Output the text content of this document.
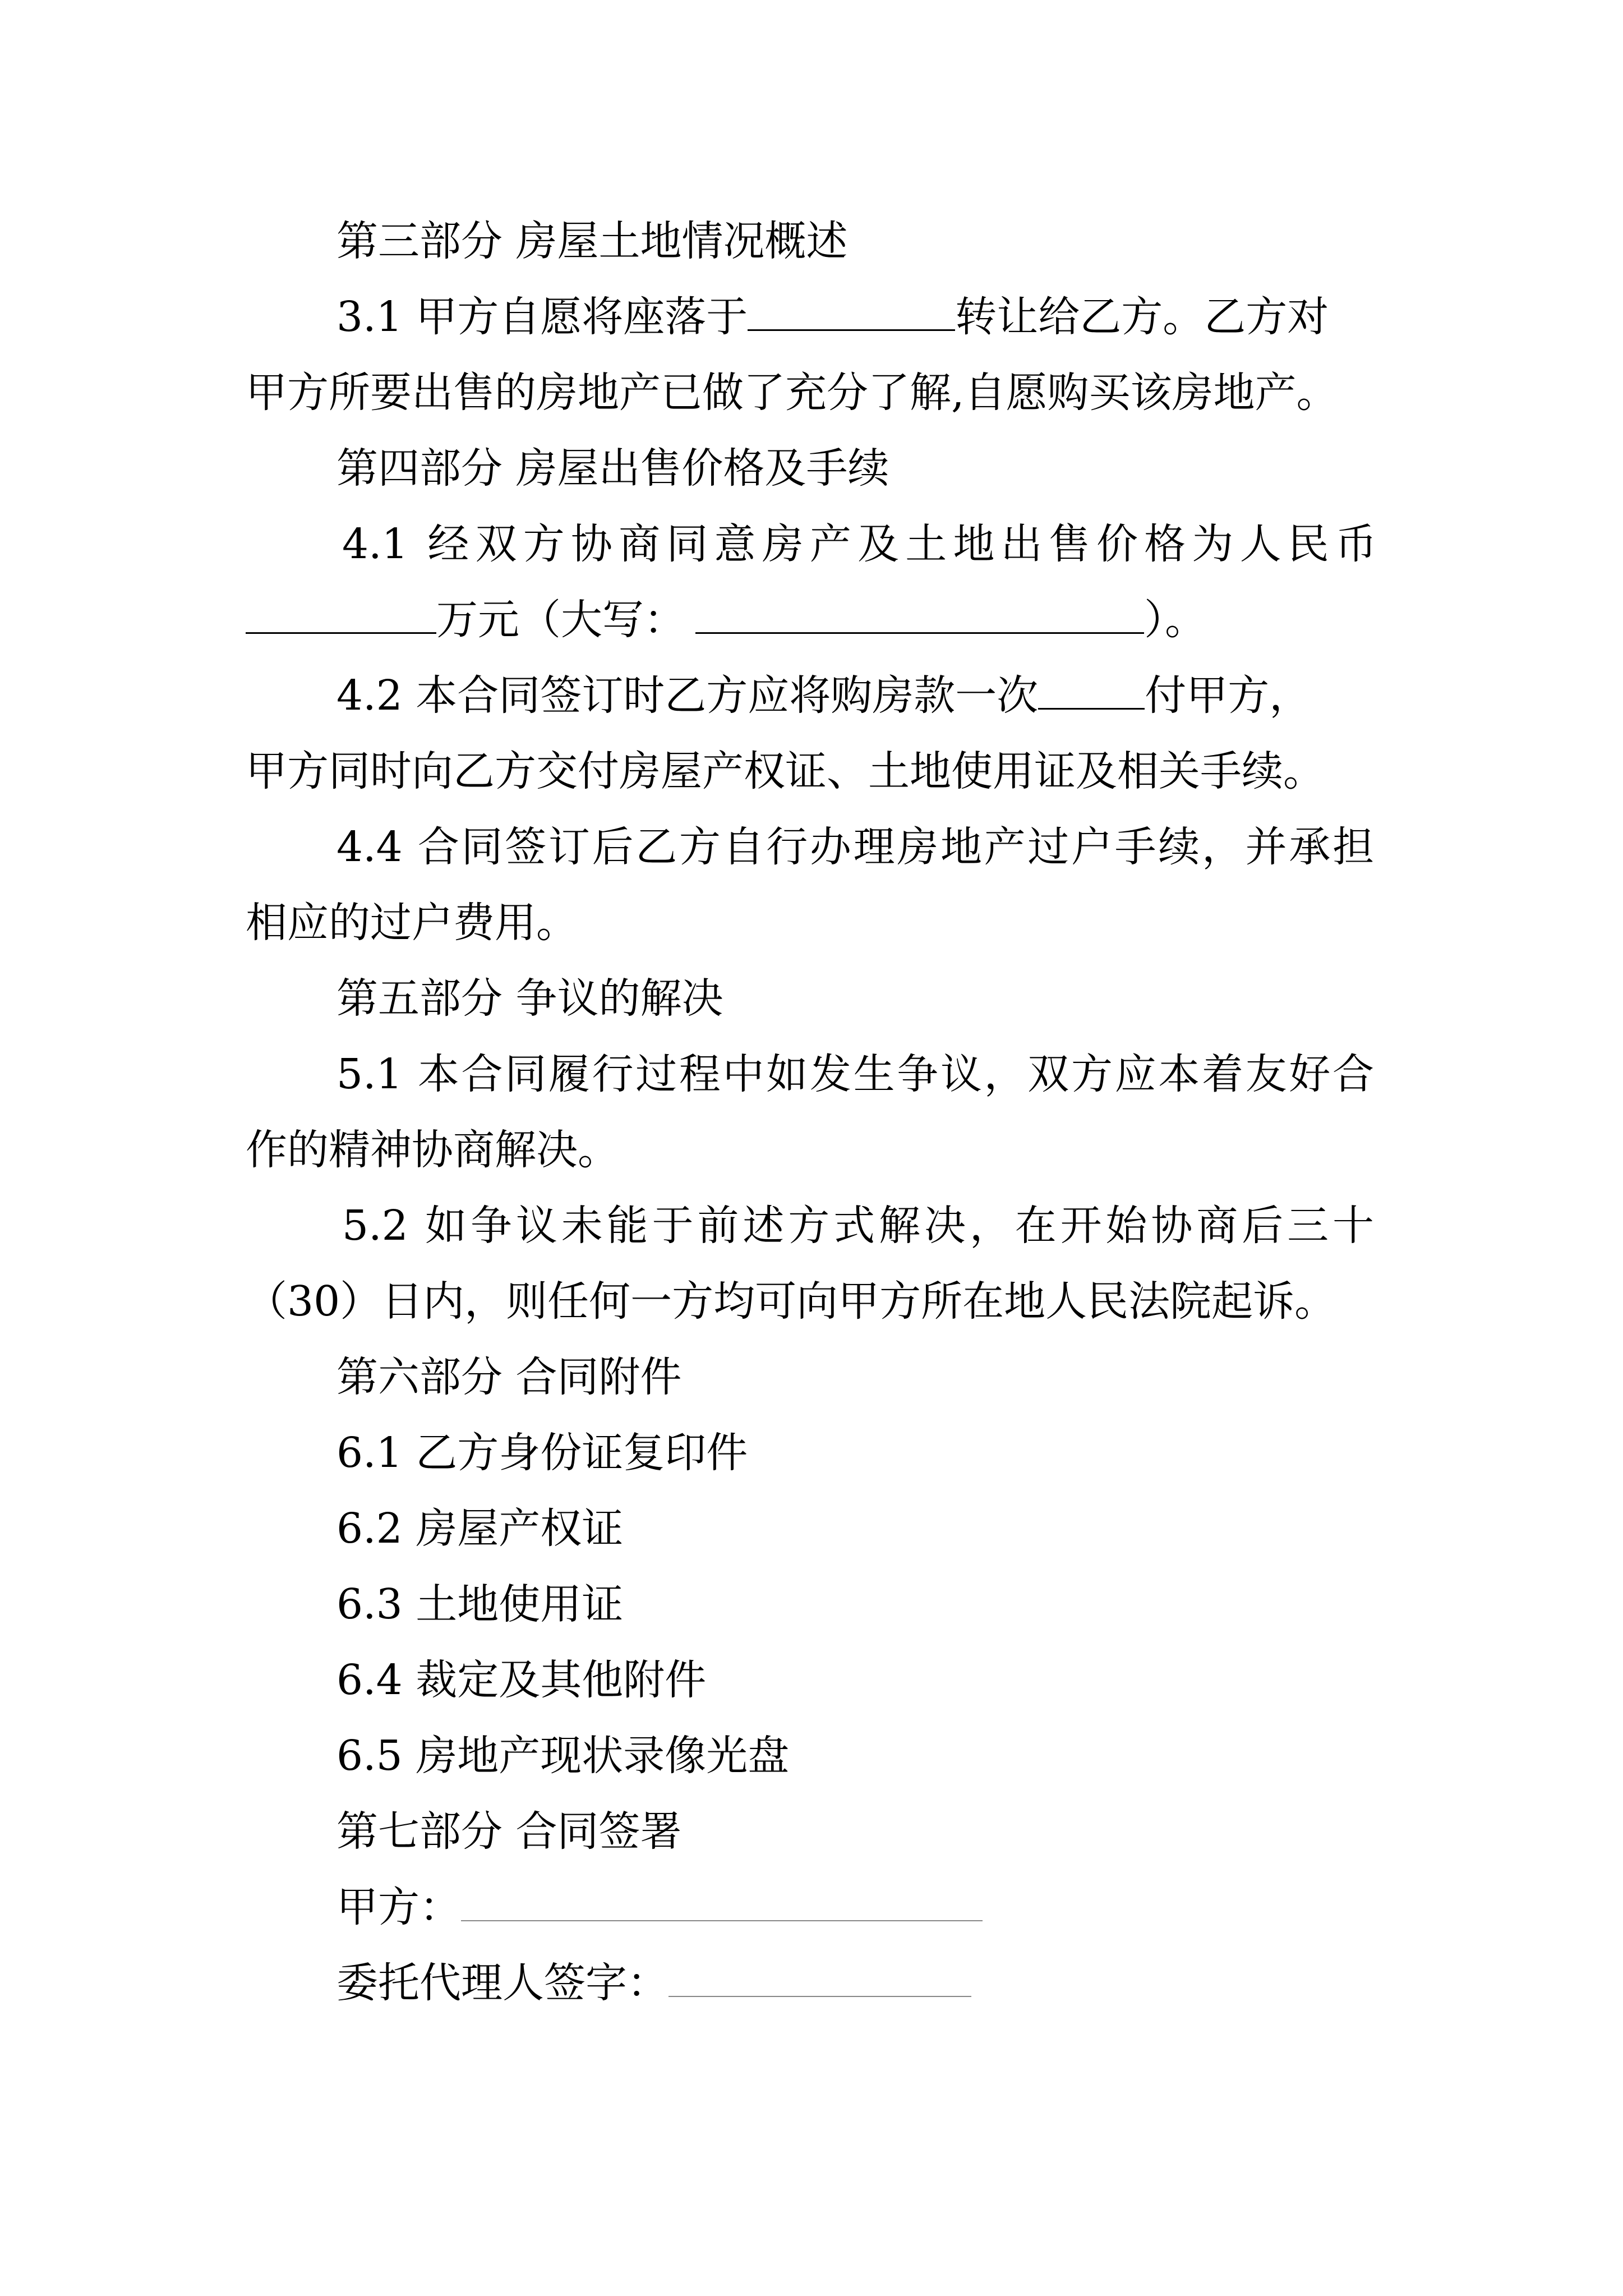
第三部分 房屋土地情况概述
3.1 甲方自愿将座落于	转让给乙方。乙方对
甲方所要出售的房地产已做了充分了解,自愿购买该房地产。
第四部分 房屋出售价格及手续
4.1 经双方协商同意房产及土地出售价格为人民币
万元（大写：	）。
4.2 本合同签订时乙方应将购房款一次	付甲方，
甲方同时向乙方交付房屋产权证、土地使用证及相关手续。
4.4 合同签订后乙方自行办理房地产过户手续，并承担
相应的过户费用。
第五部分 争议的解决
5.1 本合同履行过程中如发生争议，双方应本着友好合
作的精神协商解决。
5.2 如争议未能于前述方式解决，在开始协商后三十
（30）日内，则任何一方均可向甲方所在地人民法院起诉。
第六部分 合同附件
6.1 乙方身份证复印件
6.2 房屋产权证
6.3 土地使用证
6.4 裁定及其他附件
6.5 房地产现状录像光盘
第七部分 合同签署
甲方：
委托代理人签字：
